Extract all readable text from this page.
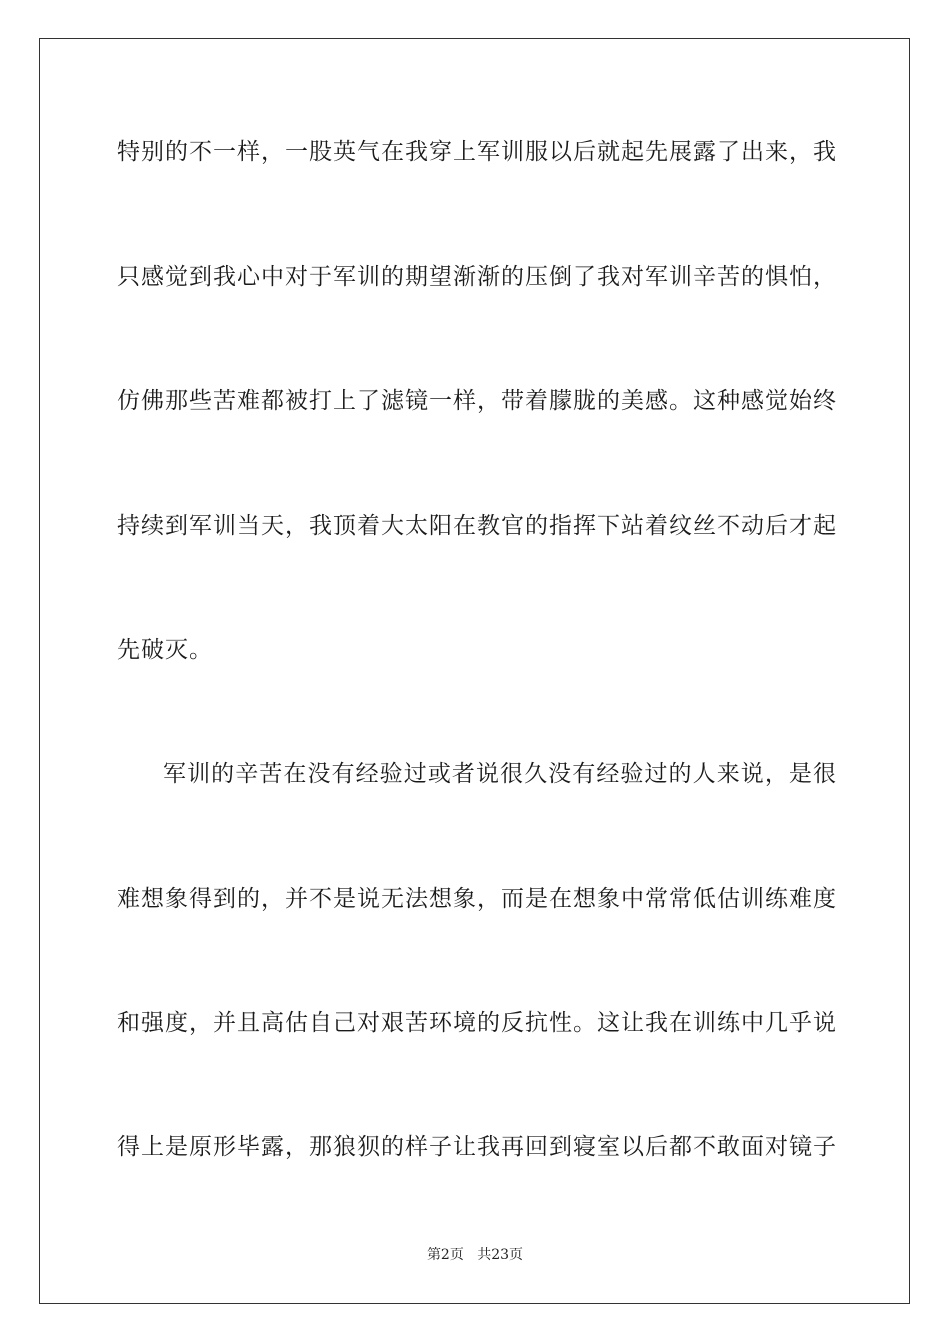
特别的不一样，一股英气在我穿上军训服以后就起先展露了出来，我
只感觉到我心中对于军训的期望渐渐的压倒了我对军训辛苦的惧怕，
仿佛那些苦难都被打上了滤镜一样，带着朦胧的美感。这种感觉始终
持续到军训当天，我顶着大太阳在教官的指挥下站着纹丝不动后才起
先破灭。
军训的辛苦在没有经验过或者说很久没有经验过的人来说，是很
难想象得到的，并不是说无法想象，而是在想象中常常低估训练难度
和强度，并且高估自己对艰苦环境的反抗性。这让我在训练中几乎说
得上是原形毕露，那狼狈的样子让我再回到寝室以后都不敢面对镜子
第2页 共23页
